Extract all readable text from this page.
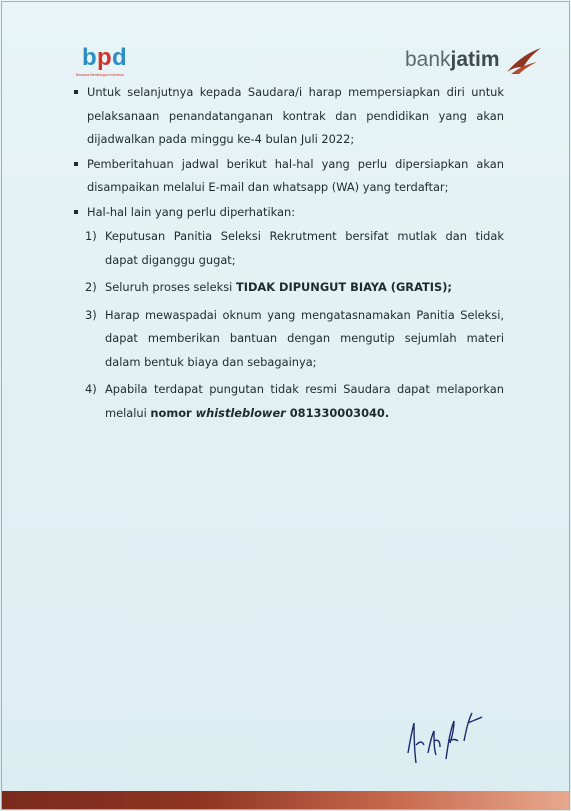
b p d
Bersama Membangun Indonesia
bankjatim
Untuk selanjutnya kepada Saudara/i harap mempersiapkan diri untuk pelaksanaan penandatanganan kontrak dan pendidikan yang akan dijadwalkan pada minggu ke-4 bulan Juli 2022;
Pemberitahuan jadwal berikut hal-hal yang perlu dipersiapkan akan disampaikan melalui E-mail dan whatsapp (WA) yang terdaftar;
Hal-hal lain yang perlu diperhatikan:
1) Keputusan Panitia Seleksi Rekrutment bersifat mutlak dan tidak dapat diganggu gugat;
2) Seluruh proses seleksi TIDAK DIPUNGUT BIAYA (GRATIS);
3) Harap mewaspadai oknum yang mengatasnamakan Panitia Seleksi, dapat memberikan bantuan dengan mengutip sejumlah materi dalam bentuk biaya dan sebagainya;
4) Apabila terdapat pungutan tidak resmi Saudara dapat melaporkan melalui nomor whistleblower 081330003040.
